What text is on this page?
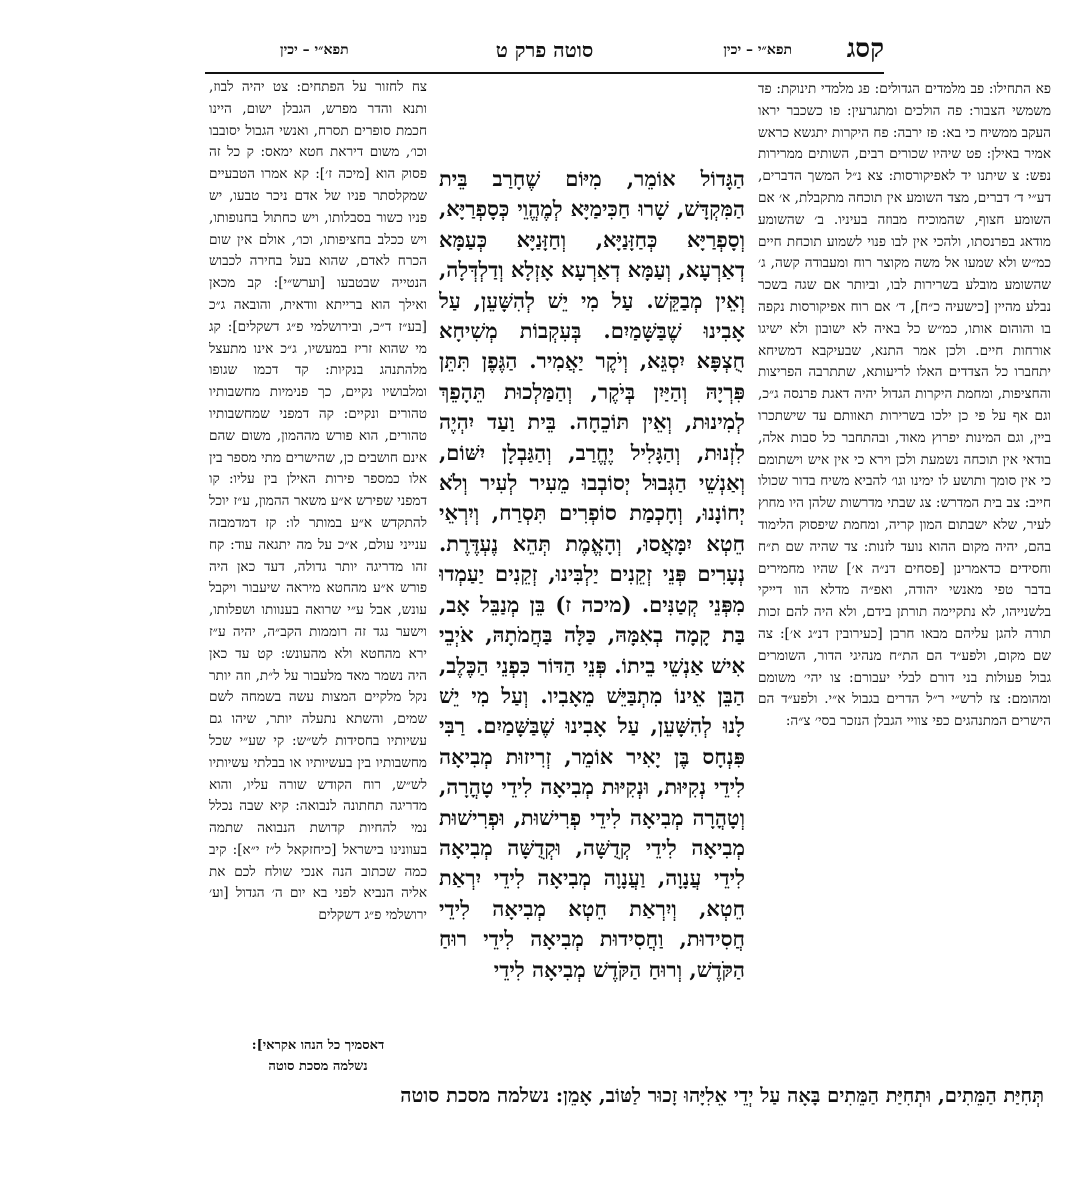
קסג
תפא״י – יכין
סוטה פרק ט
תפא״י – יכין

פא התחילו: פב מלמדים הגדולים: פג מלמדי תינוקת: פד משמשי הצבור: פה הולכים ומתגרעין: פו כשכבר יראו העקב ממשיח כי בא: פז ירבה: פח היקרות יתגשא כראש אמיר באילן: פט שיהיו שכורים רבים, השותים ממרירות נפש: צ שיתנו יד לאפיקורסות: צא נ״ל המשך הדברים, דע״י ד׳ דברים, מצד השומע אין תוכחה מתקבלת, א׳ אם השומע חצוף, שהמוכיח מבוזה בעיניו. ב׳ שהשומע מודאג בפרנסתו, ולהכי אין לבו פנוי לשמוע תוכחת חיים כמ״ש ולא שמעו אל משה מקוצר רוח ומעבודה קשה, ג׳ שהשומע מובלע בשרירות לבו, וביותר אם שגה בשכר נבלע מהיין [כישעיה כ״ח], ד׳ אם רוח אפיקורסות נקפה בו והוהום אותו, כמ״ש כל באיה לא ישובון ולא ישיגו אורחות חיים. ולכן אמר התנא, שבעיקבא דמשיחא יתחברו כל הצדדים האלו לריעותא, שתתרבה הפריצות והחציפות, ומחמת היקרות הגדול יהיה דאגת פרנסה ג״כ, וגם אף על פי כן ילכו בשרירות תאוותם עד שישתכרו ביין, וגם המינות יפרוץ מאוד, ובהתחבר כל סבות אלה, בודאי אין תוכחה נשמעת ולכן וירא כי אין איש וישתומם כי אין סומך ותושע לו ימינו וגו׳ להביא משיח בדור שכולו חייב: צב בית המדרש: צג שבתי מדרשות שלהן היו מחוץ לעיר, שלא ישבתום המון קריה, ומחמת שיפסוק הלימוד בהם, יהיה מקום ההוא נועד לזנות: צד שהיה שם ת״ח וחסידים כדאמרינן [פסחים דנ״ה א׳] שהיו מחמירים בדבר טפי מאנשי יהודה, ואפ״ה מדלא הוו דייקי בלשנייהו, לא נתקיימה תורתן בידם, ולא היה להם זכות תורה להגן עליהם מבאו חרבן [כעירובין דנ״ג א׳]: צה שם מקום, ולפע״ד הם הת״ח מנהיגי הדור, השומרים גבול פעולות בני דורם לבלי יעבורם: צו יהי׳ משומם ומהומם: צז לרש״י ר״ל הדרים בגבול א״י. ולפע״ד הם הישרים המתנהגים כפי צוויי הגבלן הנזכר בסי׳ צ״ה:

הַגָּדוֹל אוֹמֵר, מִיּוֹם שֶׁחָרַב בֵּית הַמִּקְדָּשׁ, שָׁרוּ חַכִּימַיָּא לְמֶהֱוֵי כְּסָפְרַיָּא, וְסָפְרַיָּא כְּחַזָּנַיָּא, וְחַזָּנַיָּא כְּעַמָּא דְאַרְעָא, וְעַמָּא דְאַרְעָא אָזְלָא וְדַלְדְּלָה, וְאֵין מְבַקֵּשׁ. עַל מִי יֵשׁ לְהִשָּׁעֵן, עַל אָבִינוּ שֶׁבַּשָּׁמַיִם. בְּעִקְבוֹת מְשִׁיחָא חֻצְפָּא יִסְגֵּא, וְיֹקֶר יַאֲמִיר. הַגֶּפֶן תִּתֵּן פִּרְיָהּ וְהַיַּיִן בְּיֹקֶר, וְהַמַּלְכוּת תֵּהָפֵךְ לְמִינוּת, וְאֵין תּוֹכֵחָה. בֵּית וַעַד יִהְיֶה לִזְנוּת, וְהַגָּלִיל יֶחֱרַב, וְהַגַּבְלָן יִשּׁוֹם, וְאַנְשֵׁי הַגְּבוּל יְסוֹבְבוּ מֵעִיר לְעִיר וְלֹא יְחוֹנָנוּ, וְחָכְמַת סוֹפְרִים תִּסְרַח, וְיִרְאֵי חֵטְא יִמָּאֲסוּ, וְהָאֱמֶת תְּהֵא נֶעְדֶּרֶת. נְעָרִים פְּנֵי זְקֵנִים יַלְבִּינוּ, זְקֵנִים יַעַמְדוּ מִפְּנֵי קְטַנִּים. (מיכה ז) בֵּן מְנַבֵּל אָב, בַּת קָמָה בְאִמָּהּ, כַּלָּה בַּחֲמֹתָהּ, אֹיְבֵי אִישׁ אַנְשֵׁי בֵיתוֹ. פְּנֵי הַדּוֹר כִּפְנֵי הַכֶּלֶב, הַבֵּן אֵינוֹ מִתְבַּיֵּשׁ מֵאָבִיו. וְעַל מִי יֵשׁ לָנוּ לְהִשָּׁעֵן, עַל אָבִינוּ שֶׁבַּשָּׁמַיִם. רַבִּי פִּנְחָס בֶּן יָאִיר אוֹמֵר, זְרִיזוּת מְבִיאָה לִידֵי נְקִיּוּת, וּנְקִיּוּת מְבִיאָה לִידֵי טָהֳרָה, וְטָהֳרָה מְבִיאָה לִידֵי פְרִישׁוּת, וּפְרִישׁוּת מְבִיאָה לִידֵי קְדֻשָּׁה, וּקְדֻשָּׁה מְבִיאָה לִידֵי עֲנָוָה, וַעֲנָוָה מְבִיאָה לִידֵי יִרְאַת חֵטְא, וְיִרְאַת חֵטְא מְבִיאָה לִידֵי חֲסִידוּת, וַחֲסִידוּת מְבִיאָה לִידֵי רוּחַ הַקֹּדֶשׁ, וְרוּחַ הַקֹּדֶשׁ מְבִיאָה לִידֵי

צח לחזור על הפתחים: צט יהיה לבוז, ותנא והדר מפרש, הגבלן ישום, היינו חכמת סופרים תסרח, ואנשי הגבול יסובבו וכו׳, משום דיראת חטא ימאס: ק כל זה פסוק הוא [מיכה ז׳]: קא אמרו הטבעיים שמקלסתר פניו של אדם ניכר טבעו, יש פניו כשור בסבלותו, ויש כחתול בחנופותו, ויש ככלב בחציפותו, וכו׳, אולם אין שום הכרח לאדם, שהוא בעל בחירה לכבוש הנטייה שבטבעו [וערש״י]: קב מכאן ואילך הוא ברייתא וודאית, והובאה ג״כ [בע״ז ד״כ, ובירושלמי פ״ג דשקלים]: קג מי שהוא זריז במעשיו, ג״כ אינו מתעצל מלהתנהג בנקיות: קד דכמו שגופו ומלבושיו נקיים, כך פנימיות מחשבותיו טהורים ונקיים: קה דמפני שמחשבותיו טהורים, הוא פורש מההמון, משום שהם אינם חושבים כן, שהישרים מתי מספר בין אלו כמספר פירות האילן בין עליו: קו דמפני שפירש א״ע משאר ההמון, ע״ז יוכל להתקדש א״ע במותר לו: קז דמדמבזה ענייני עולם, א״כ על מה יתגאה עוד: קח זהו מדריגה יותר גדולה, דעד כאן היה פורש א״ע מהחטא מיראה שיעבור ויקבל עונש, אבל ע״י שרואה בענוותו ושפלותו, וישער נגד זה רוממות הקב״ה, יהיה ע״ז ירא מהחטא ולא מהעונש: קט עד כאן היה נשמר מאד מלעבור על ל״ת, וזה יותר נקל מלקיים המצות עשה בשמחה לשם שמים, והשתא נתעלה יותר, שיהו גם עשיותיו בחסידות לש״ש: קי שע״י שכל מחשבותיו בין בעשיותיו או בבלתי עשיותיו לש״ש, רוח הקודש שורה עליו, והוא מדריגה תחתונה לנבואה: קיא שבה נכלל נמי להחיות קדושת הנבואה שתמה בעוונינו בישראל [כיחזקאל ל״ז י״א]: קיב כמה שכתוב הנה אנכי שולח לכם את אליה הנביא לפני בא יום ה׳ הגדול [וע׳ ירושלמי פ״ג דשקלים

דאסמיך כל הנהו אקראי]:
נשלמה מסכת סוטה
תְּחִיַּת הַמֵּתִים, וּתְחִיַּת הַמֵּתִים בָּאָה עַל יְדֵי אֵלִיָּהוּ זָכוּר לַטּוֹב, אָמֵן: נשלמה מסכת סוטה
